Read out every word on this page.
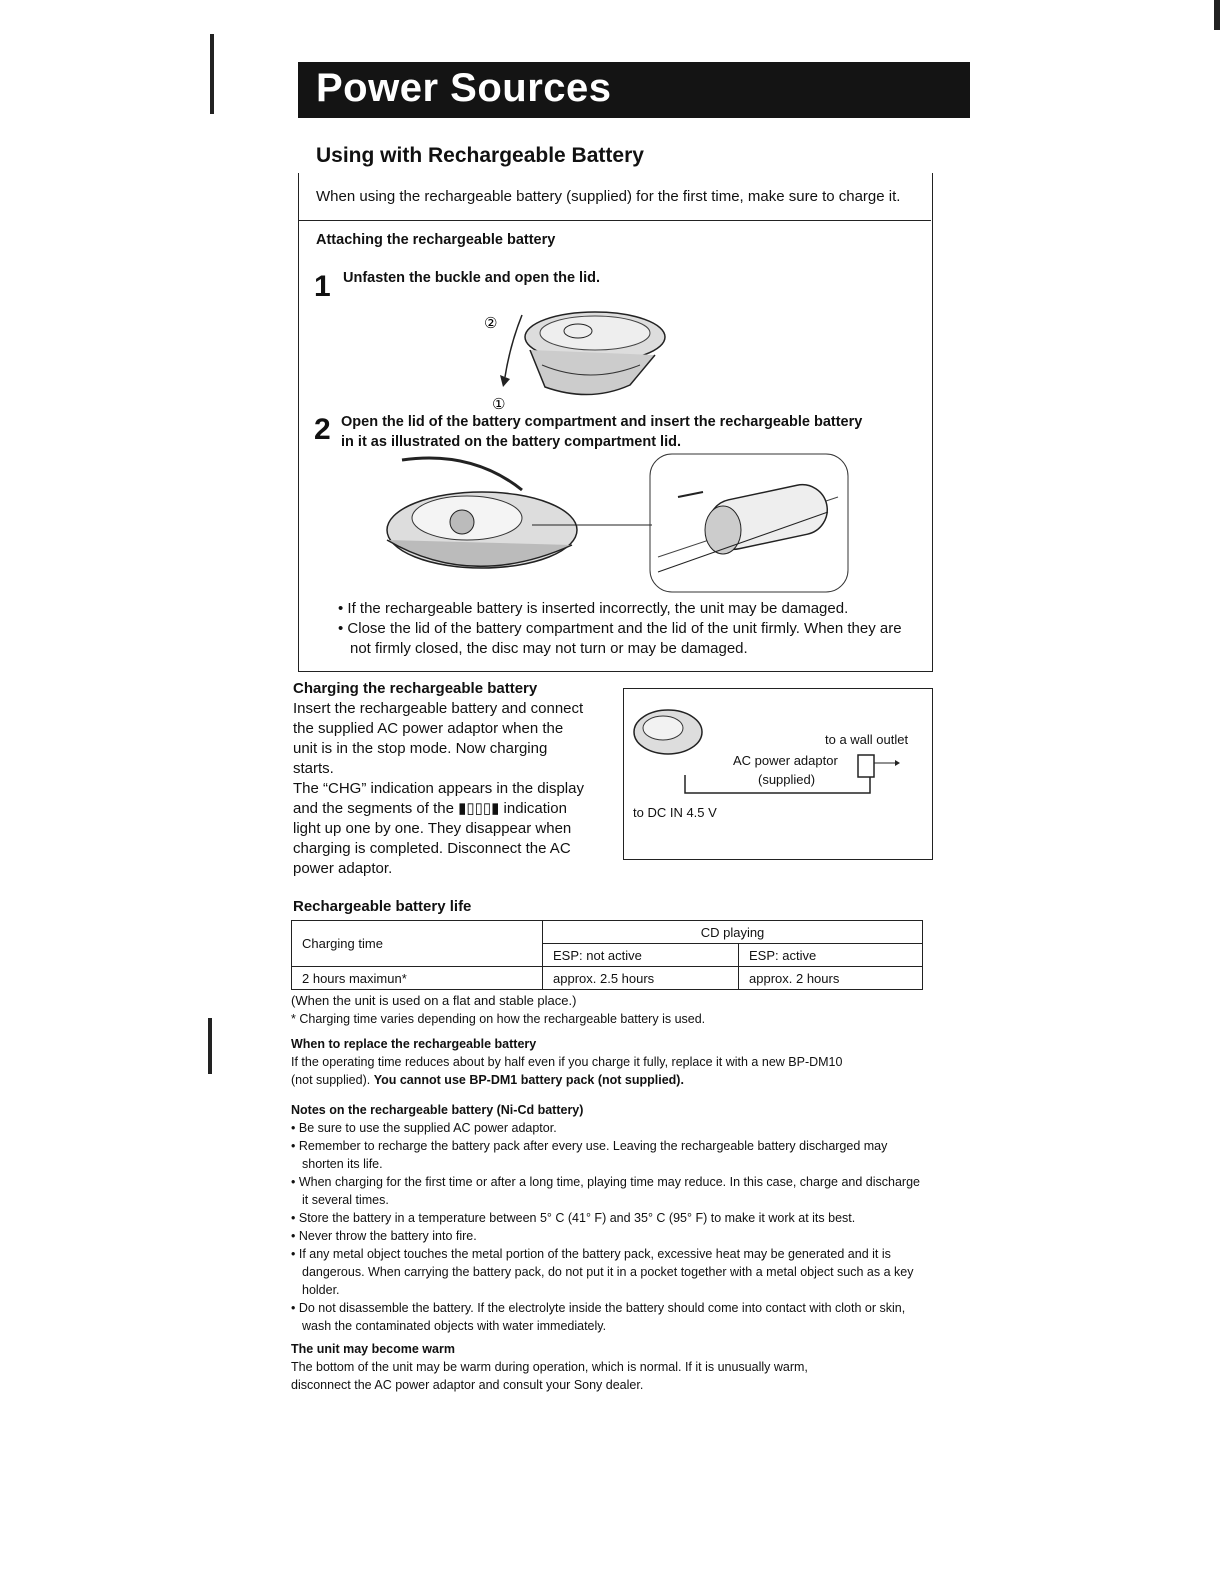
Power Sources
Using with Rechargeable Battery
When using the rechargeable battery (supplied) for the first time, make sure to charge it.
Attaching the rechargeable battery
1 Unfasten the buckle and open the lid.
②
①
2 Open the lid of the battery compartment and insert the rechargeable battery
in it as illustrated on the battery compartment lid.
• If the rechargeable battery is inserted incorrectly, the unit may be damaged.
• Close the lid of the battery compartment and the lid of the unit firmly. When they are not firmly closed, the disc may not turn or may be damaged.
Charging the rechargeable battery
Insert the rechargeable battery and connect
the supplied AC power adaptor when the
unit is in the stop mode. Now charging
starts.
The “CHG” indication appears in the display
and the segments of the ▮▯▯▯▮ indication
light up one by one. They disappear when
charging is completed. Disconnect the AC
power adaptor.
to a wall outlet
AC power adaptor
(supplied)
to DC IN 4.5 V
Rechargeable battery life
Charging time	CD playing	
	ESP: not active	ESP: active
2 hours maximun*	approx. 2.5 hours	approx. 2 hours
(When the unit is used on a flat and stable place.)
* Charging time varies depending on how the rechargeable battery is used.
When to replace the rechargeable battery
If the operating time reduces about by half even if you charge it fully, replace it with a new BP-DM10
(not supplied). You cannot use BP-DM1 battery pack (not supplied).
Notes on the rechargeable battery (Ni-Cd battery)
• Be sure to use the supplied AC power adaptor.
• Remember to recharge the battery pack after every use. Leaving the rechargeable battery discharged may shorten its life.
• When charging for the first time or after a long time, playing time may reduce. In this case, charge and discharge it several times.
• Store the battery in a temperature between 5° C (41° F) and 35° C (95° F) to make it work at its best.
• Never throw the battery into fire.
• If any metal object touches the metal portion of the battery pack, excessive heat may be generated and it is dangerous. When carrying the battery pack, do not put it in a pocket together with a metal object such as a key holder.
• Do not disassemble the battery. If the electrolyte inside the battery should come into contact with cloth or skin, wash the contaminated objects with water immediately.
The unit may become warm
The bottom of the unit may be warm during operation, which is normal. If it is unusually warm,
disconnect the AC power adaptor and consult your Sony dealer.
